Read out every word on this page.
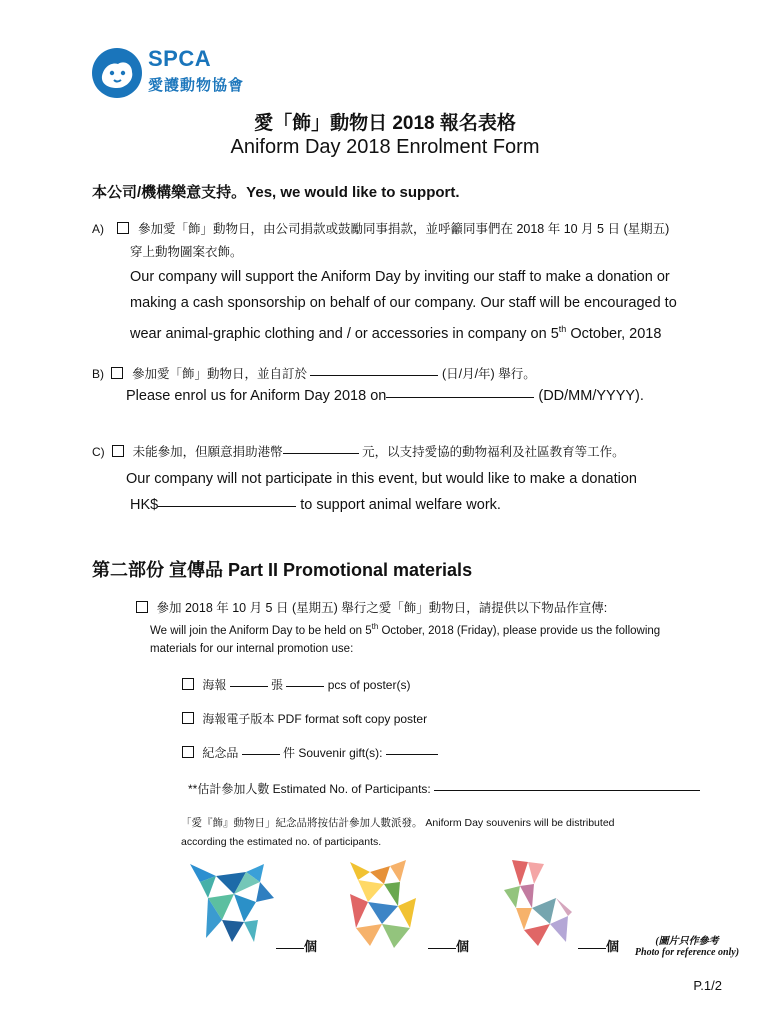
SPCA
愛護動物協會
愛「飾」動物日 2018 報名表格
Aniform Day 2018 Enrolment Form
本公司/機構樂意支持。Yes, we would like to support.
A)	參加愛「飾」動物日，由公司捐款或鼓勵同事捐款，並呼籲同事們在 2018 年 10 月 5 日 (星期五)
穿上動物圖案衣飾。
Our company will support the Aniform Day by inviting our staff to make a donation or
making a cash sponsorship on behalf of our company. Our staff will be encouraged to
wear animal-graphic clothing and / or accessories in company on 5th October, 2018
B) 參加愛「飾」動物日，並自訂於	(日/月/年) 舉行。
Please enrol us for Aniform Day 2018 on	(DD/MM/YYYY).
C) 未能參加，但願意捐助港幣	元，以支持愛協的動物福利及社區教育等工作。
Our company will not participate in this event, but would like to make a donation
HK$	to support animal welfare work.
第二部份 宣傳品 Part II Promotional materials
參加 2018 年 10 月 5 日 (星期五) 舉行之愛「飾」動物日，請提供以下物品作宣傳:
We will join the Aniform Day to be held on 5th October, 2018 (Friday), please provide us the following
materials for our internal promotion use:
海報	張	pcs of poster(s)
海報電子版本 PDF format soft copy poster
紀念品	件 Souvenir gift(s):
**估計參加人數 Estimated No. of Participants:
「愛『飾』動物日」紀念品將按估計參加人數派發。 Aniform Day souvenirs will be distributed
according the estimated no. of participants.
個	個	個	(圖片只作參考
Photo for reference only)
P.1/2
